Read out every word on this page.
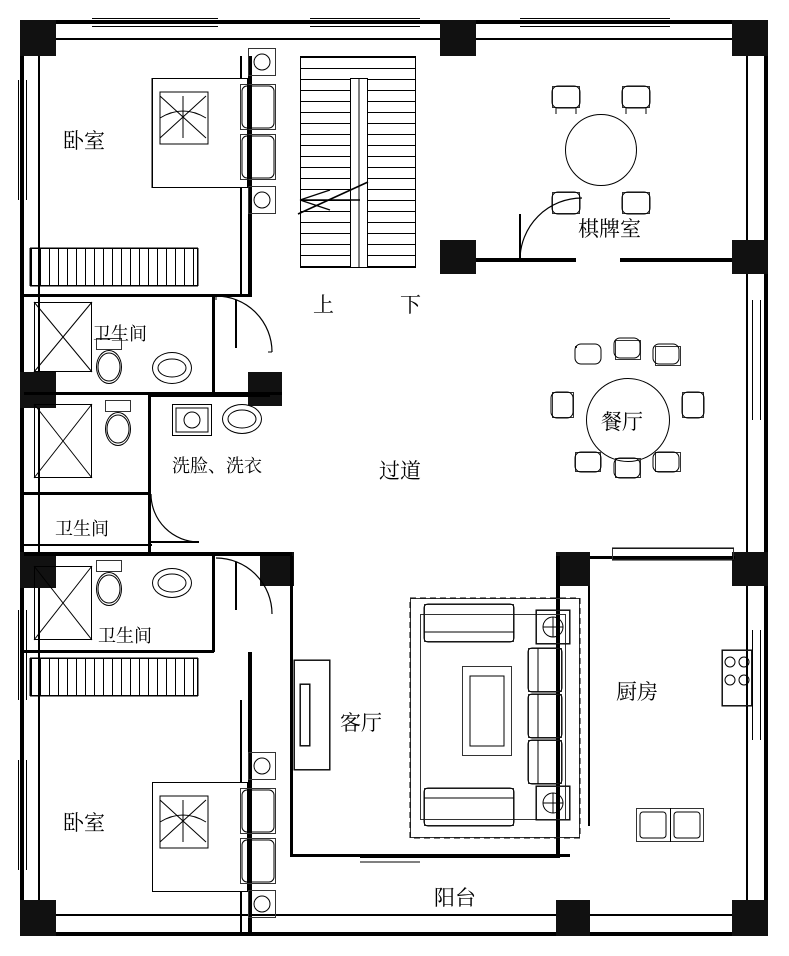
卧室
棋牌室
餐厅
过道
卫生间
卫生间
卫生间
洗脸、洗衣
客厅
厨房
阳台
卧室
上	下
